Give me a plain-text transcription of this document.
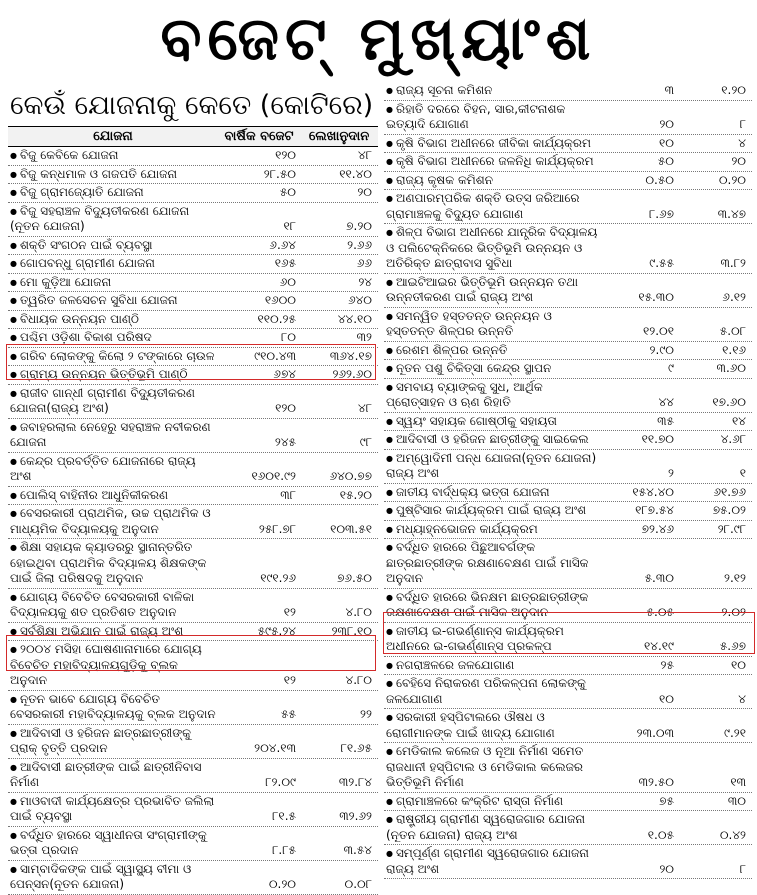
ବଜେଟ୍ ମୁଖ୍ୟାଂଶ
କେଉଁ ଯୋଜନାକୁ କେତେ (କୋଟିରେ)
ଯୋଜନା	ବାର୍ଷିକ ବଜେଟ	ଲେଖାନୁଦାନ
● ବିଜୁ କେବିକେ ଯୋଜନା	୧୨୦	୪୮
● ବିଜୁ କନ୍ଧମାଳ ଓ ଗଜପତି ଯୋଜନା	୨୮.୫୦	୧୧.୪୦
● ବିଜୁ ଗ୍ରାମଜ୍ୟୋତି ଯୋଜନା	୫୦	୨୦
● ବିଜୁ ସହରାଞ୍ଚଳ ବିଦ୍ୟୁତୀକରଣ ଯୋଜନା (ନୂତନ ଯୋଜନା)	୧୮	୭.୨୦
● ଶକ୍ତି ସଂଗଠନ ପାଇଁ ବ୍ୟବସ୍ଥା	୬.୬୪	୨.୬୬
● ଗୋପବନ୍ଧୁ ଗ୍ରାମୀଣ ଯୋଜନା	୧୬୫	୬୬
● ମୋ କୁଡ଼ିଆ ଯୋଜନା	୬୦	୨୪
● ତ୍ୱରିତ ଜଳସେଚନ ସୁବିଧା ଯୋଜନା	୧୬୦୦	୬୪୦
● ବିଧାୟକ ଉନ୍ନୟନ ପାଣ୍ଠି	୧୧୦.୨୫	୪୪.୧୦
● ପଶ୍ଚିମ ଓଡ଼ିଶା ବିକାଶ ପରିଷଦ	୮୦	୩୨
● ଗରିବ ଲୋକଙ୍କୁ କିଲୋ ୨ ଟଙ୍କାରେ ଚାଉଳ	୯୧୦.୪୩	୩୬୪.୧୭
● ଗ୍ରାମ୍ୟ ଉନ୍ନୟନ ଭିତ୍ତିଭୂମି ପାଣ୍ଠି	୬୭୪	୨୬୨.୬୦
● ରାଜୀବ ଗାନ୍ଧୀ ଗ୍ରାମୀଣ ବିଦ୍ୟୁତୀକରଣ ଯୋଜନା(ରାଜ୍ୟ ଅଂଶ)	୧୨୦	୪୮
● ଜବାହରଲାଲ ନେହେରୁ ସହରାଞ୍ଚଳ ନବୀକରଣ ଯୋଜନା	୨୪୫	୯୮
● କେନ୍ଦ୍ର ପ୍ରବର୍ତ୍ତିତ ଯୋଜନାରେ ରାଜ୍ୟ ଅଂଶ	୧୬୦୧.୯୨	୬୪୦.୭୭
● ପୋଲିସ୍ ବାହିନୀର ଆଧୁନିକୀକରଣ	୩୮	୧୫.୨୦
● ବେସରକାରୀ ପ୍ରାଥମିକ, ଉଚ୍ଚ ପ୍ରାଥମିକ ଓ ମାଧ୍ୟମିକ ବିଦ୍ୟାଳୟକୁ ଅନୁଦାନ	୨୫୮.୭୮	୧୦୩.୫୧
● ଶିକ୍ଷା ସହାୟକ କ୍ୟାଡରରୁ ସ୍ଥାନାନ୍ତରିତ ହୋଇଥିବା ପ୍ରାଥମିକ ବିଦ୍ୟାଳୟ ଶିକ୍ଷକଙ୍କ ପାଇଁ ଜିଲା ପରିଷଦକୁ ଅନୁଦାନ	୧୯୧.୨୬	୭୬.୫୦
● ଯୋଗ୍ୟ ବିବେଚିତ ବେସରକାରୀ ବାଳିକା ବିଦ୍ୟାଳୟକୁ ଶତ ପ୍ରତିଶତ ଅନୁଦାନ	୧୨	୪.୮୦
● ସର୍ବଶିକ୍ଷା ଅଭିଯାନ ପାଇଁ ରାଜ୍ୟ ଅଂଶ	୫୯୫.୨୪	୨୩୮.୧୦
● ୨୦୦୪ ମସିହା ଘୋଷଣାନାମାରେ ଯୋଗ୍ୟ ବିବେଚିତ ମହାବିଦ୍ୟାଳୟଗୁଡ଼ିକୁ ବ୍ଲକ ଅନୁଦାନ	୧୨	୪.୮୦
● ନୂତନ ଭାବେ ଯୋଗ୍ୟ ବିବେଚିତ ବେସରକାରୀ ମହାବିଦ୍ୟାଳୟକୁ ବ୍ଲକ ଅନୁଦାନ	୫୫	୨୨
● ଆଦିବାସୀ ଓ ହରିଜନ ଛାତ୍ରଛାତ୍ରୀଙ୍କୁ ପ୍ରାକ୍ ବୃତ୍ତି ପ୍ରଦାନ	୨୦୪.୧୩	୮୧.୬୫
● ଆଦିବାସୀ ଛାତ୍ରୀଙ୍କ ପାଇଁ ଛାତ୍ରୀନିବାସ ନିର୍ମାଣ	୮୨.୦୯	୩୨.୮୪
● ମାଓବାଦୀ କାର୍ଯ୍ୟକ୍ଷେତ୍ର ପ୍ରଭାବିତ ଜଲିଲା ପାଇଁ ବ୍ୟବସ୍ଥା	୮୧.୫	୩୨.୬୨
● ବର୍ଦ୍ଧିତ ହାରରେ ସ୍ୱାଧୀନତା ସଂଗ୍ରାମୀଙ୍କୁ ଭତ୍ତା ପ୍ରଦାନ	୮.୮୫	୩.୫୪
● ସାମ୍ବାଦିକଙ୍କ ପାଇଁ ସ୍ୱାସ୍ଥ୍ୟ ବୀମା ଓ ପେନ୍ସନ(ନୂତନ ଯୋଜନା)	୦.୨୦	୦.୦୮
● ରାଜ୍ୟ ସୂଚନା କମିଶନ	୩	୧.୨୦
● ରିହାତି ଦରରେ ବିହନ, ସାର,କୀଟନାଶକ ଇତ୍ୟାଦି ଯୋଗାଣ	୨୦	୮
● କୃଷି ବିଭାଗ ଅଧୀନରେ ଜୀବିକା କାର୍ଯ୍ୟକ୍ରମ	୧୦	୪
● କୃଷି ବିଭାଗ ଅଧୀନରେ ଜଳନିଧି କାର୍ଯ୍ୟକ୍ରମ	୫୦	୨୦
● ରାଜ୍ୟ କୃଷକ କମିଶନ	୦.୫୦	୦.୨୦
● ଅଣପାରମ୍ପରିକ ଶକ୍ତି ଉତ୍ସ ଜରିଆରେ ଗ୍ରାମାଞ୍ଚଳକୁ ବିଦ୍ୟୁତ ଯୋଗାଣ	୮.୬୭	୩.୪୭
● ଶିଳ୍ପ ବିଭାଗ ଅଧୀନରେ ଯାନ୍ତ୍ରିକ ବିଦ୍ୟାଳୟ ଓ ପଲିଟେକ୍ନିକରେ ଭିତ୍ତିଭୂମି ଉନ୍ନୟନ ଓ ଅତିରିକ୍ତ ଛାତ୍ରାବାସ ସୁବିଧା	୯.୫୫	୩.୮୨
● ଆଇଟିଆଇର ଭିତ୍ତିଭୂମି ଉନ୍ନୟନ ତଥା ଉନ୍ନତୀକରଣ ପାଇଁ ରାଜ୍ୟ ଅଂଶ	୧୫.୩୦	୬.୧୨
● ସମନ୍ୱିତ ହସ୍ତତନ୍ତ ଉନ୍ନୟନ ଓ ହସ୍ତତନ୍ତ ଶିଳ୍ପର ଉନ୍ନତି	୧୨.୦୧	୫.୦୮
● ରେଶମ ଶିଳ୍ପର ଉନ୍ନତି	୨.୯୦	୧.୧୬
● ନୂତନ ପଶୁ ଚିକିତ୍ସା କେନ୍ଦ୍ର ସ୍ଥାପନ	୯	୩.୬୦
● ସମବାୟ ବ୍ୟାଙ୍କକୁ ସୁଧ, ଆର୍ଥିକ ପ୍ରୋତ୍ସାହନ ଓ ଋଣ ରିହାତି	୪୪	୧୭.୬୦
● ସ୍ୱୟଂ ସହାୟକ ଗୋଷ୍ଠୀକୁ ସହାୟତା	୩୫	୧୪
● ଆଦିବାସୀ ଓ ହରିଜନ ଛାତ୍ରୀଙ୍କୁ ସାଇକେଲ	୧୧.୭୦	୪.୬୮
● ଅମ୍ୱୋଦିମୀ ପନ୍ଧ ଯୋଜନା(ନୂତନ ଯୋଜନା) ରାଜ୍ୟ ଅଂଶ	୨	୧
● ଜାତୀୟ ବାର୍ଦ୍ଧକ୍ୟ ଭତ୍ତା ଯୋଜନା	୧୫୪.୪୦	୬୧.୭୬
● ପୁଷ୍ଟିସାର କାର୍ଯ୍ୟକ୍ରମ ପାଇଁ ରାଜ୍ୟ ଅଂଶ	୧୮୭.୫୪	୭୫.୦୨
● ମଧ୍ୟାହ୍ନଭୋଜନ କାର୍ଯ୍ୟକ୍ରମ	୭୨.୪୬	୨୮.୯୮
● ବର୍ଦ୍ଧିତ ହାରରେ ପିଛୁଆବର୍ଗଙ୍କ ଛାତ୍ରଛାତ୍ରୀଙ୍କ ରକ୍ଷଣାବେକ୍ଷଣ ପାଇଁ ମାସିକ ଅନୁଦାନ	୫.୩୦	୨.୧୨
● ବର୍ଦ୍ଧିତ ହାରରେ ଭିନକ୍ଷମ ଛାତ୍ରଛାତ୍ରୀଙ୍କ ରକ୍ଷଣାବେକ୍ଷଣ ପାଇଁ ମାସିକ ଅନୁଦାନ	୫.୦୫	୨.୦୨
● ଜାତୀୟ ଇ-ଗଭର୍ଣ୍ଣାନ୍ସ କାର୍ଯ୍ୟକ୍ରମ ଅଧୀନରେ ଇ-ଗଭର୍ଣ୍ଣାନ୍ସ ପ୍ରକଳ୍ପ	୧୪.୧୯	୫.୬୭
● ନଗରାଞ୍ଚଳରେ ଜଳଯୋଗାଣ	୨୫	୧୦
● ବେହିସେ ନିରାକରଣ ପରିକଳ୍ପନା ଲୋକଙ୍କୁ ଜଳଯୋଗାଣ	୧୦	୪
● ସରକାରୀ ହସ୍ପିଟାଲରେ ଔଷଧ ଓ ରୋଗୀମାନଙ୍କ ପାଇଁ ଖାଦ୍ୟ ଯୋଗାଣ	୨୩.୦୩	୯.୨୧
● ମେଡିକାଲ କଲେଜ ଓ ନୂଆ ନିର୍ମାଣ ସମେତ ରାଜଧାନୀ ହସ୍ପିଟାଲ ଓ ମେଡିକାଲ କଲେଜର ଭିତ୍ତିଭୂମି ନିର୍ମାଣ	୩୨.୫୦	୧୩
● ଗ୍ରାମାଞ୍ଚଳରେ କଂକ୍ରିଟ ରାସ୍ତା ନିର୍ମାଣ	୭୫	୩୦
● ରାଷ୍ଟ୍ରୀୟ ଗ୍ରାମୀଣ ସ୍ୱରୋଜଗାର ଯୋଜନା (ନୂତନ ଯୋଜନା) ରାଜ୍ୟ ଅଂଶ	୧.୦୫	୦.୪୨
● ସମ୍ପୂର୍ଣ୍ଣ ଗ୍ରାମୀଣ ସ୍ୱରୋଜଗାର ଯୋଜନା ରାଜ୍ୟ ଅଂଶ	୨୦	୮
